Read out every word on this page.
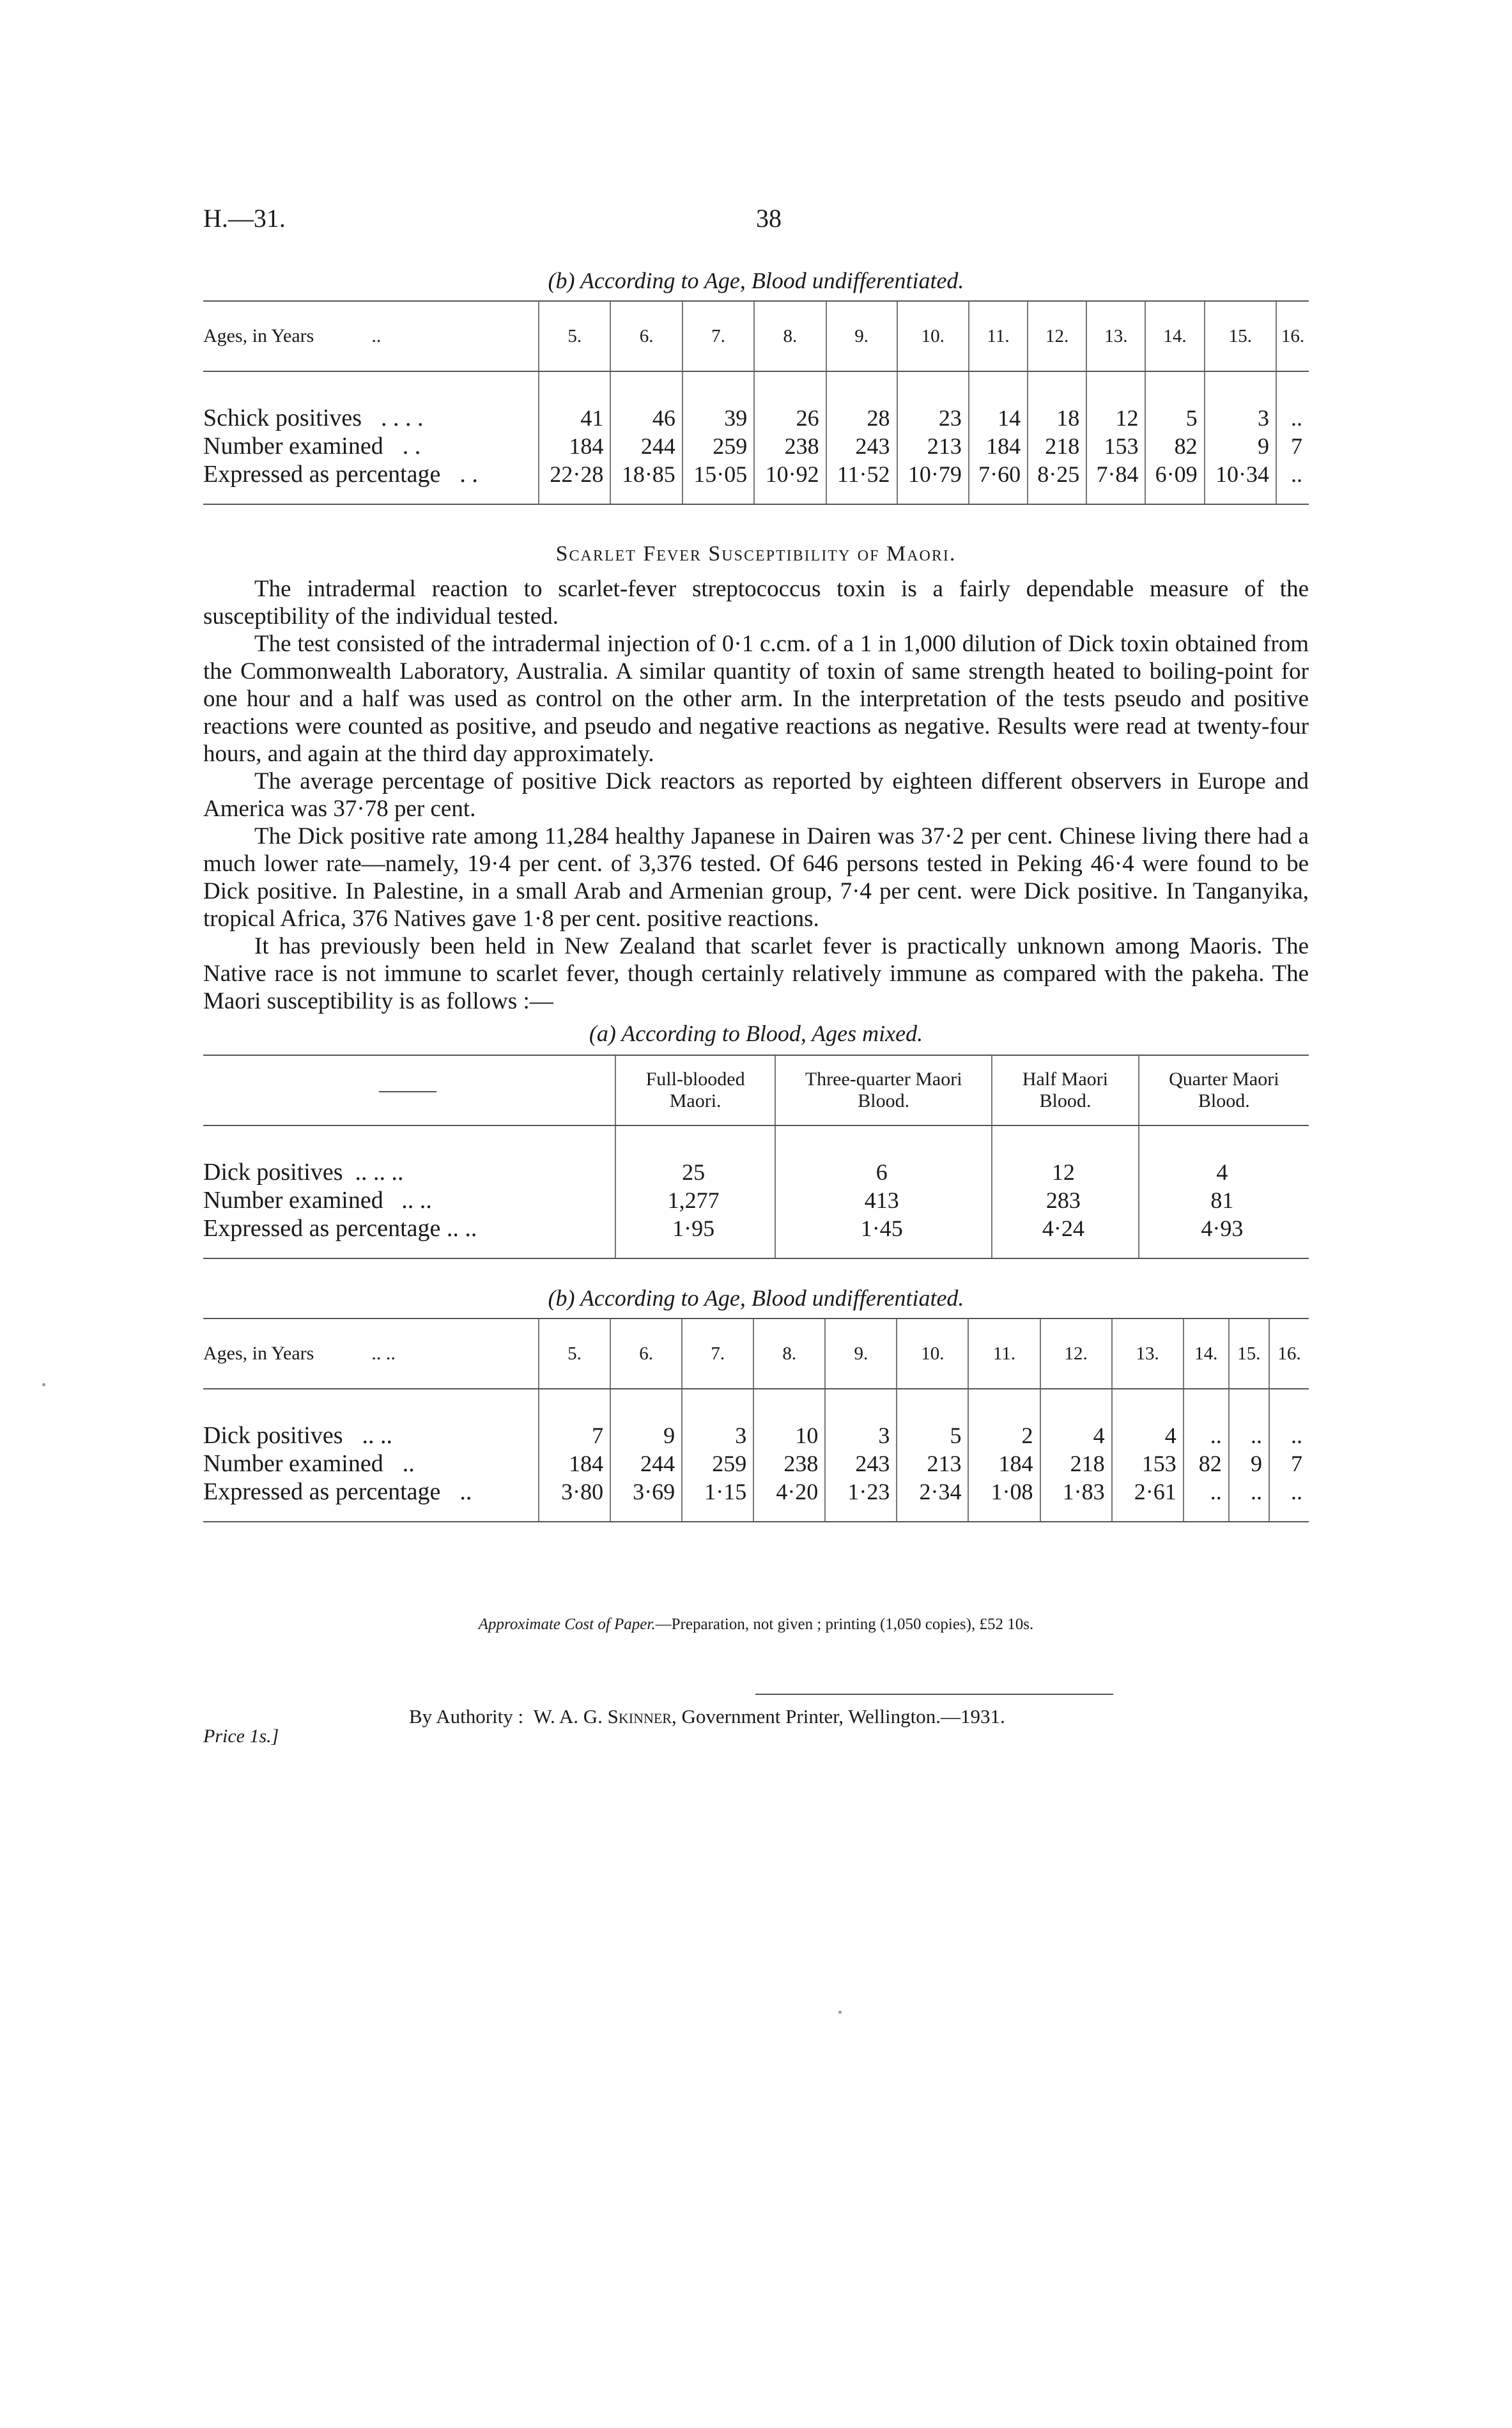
H.—31.	38
(b) According to Age, Blood undifferentiated.
Ages, in Years ..	5.	6.	7.	8.	9.	10.	11.	12.	13.	14.	15.	16.

Schick positives . . . .	41	46	39	26	28	23	14	18	12	5	3	..
Number examined . .	184	244	259	238	243	213	184	218	153	82	9	7
Expressed as percentage . .	22·28	18·85	15·05	10·92	11·52	10·79	7·60	8·25	7·84	6·09	10·34	..

Scarlet Fever Susceptibility of Maori.

The intradermal reaction to scarlet-fever streptococcus toxin is a fairly dependable measure of the susceptibility of the individual tested.

The test consisted of the intradermal injection of 0·1 c.cm. of a 1 in 1,000 dilution of Dick toxin obtained from the Commonwealth Laboratory, Australia. A similar quantity of toxin of same strength heated to boiling-point for one hour and a half was used as control on the other arm. In the interpretation of the tests pseudo and positive reactions were counted as positive, and pseudo and negative reactions as negative. Results were read at twenty-four hours, and again at the third day approximately.

The average percentage of positive Dick reactors as reported by eighteen different observers in Europe and America was 37·78 per cent.

The Dick positive rate among 11,284 healthy Japanese in Dairen was 37·2 per cent. Chinese living there had a much lower rate—namely, 19·4 per cent. of 3,376 tested. Of 646 persons tested in Peking 46·4 were found to be Dick positive. In Palestine, in a small Arab and Armenian group, 7·4 per cent. were Dick positive. In Tanganyika, tropical Africa, 376 Natives gave 1·8 per cent. positive reactions.

It has previously been held in New Zealand that scarlet fever is practically unknown among Maoris. The Native race is not immune to scarlet fever, though certainly relatively immune as compared with the pakeha. The Maori susceptibility is as follows :—

(a) According to Blood, Ages mixed.
———	Full-blooded Maori.	Three-quarter Maori Blood.	Half Maori Blood.	Quarter Maori Blood.

Dick positives .. .. ..	25	6	12	4
Number examined .. ..	1,277	413	283	81
Expressed as percentage .. ..	1·95	1·45	4·24	4·93

(b) According to Age, Blood undifferentiated.
Ages, in Years .. ..	5.	6.	7.	8.	9.	10.	11.	12.	13.	14.	15.	16.

Dick positives .. ..	7	9	3	10	3	5	2	4	4	..	..	..
Number examined ..	184	244	259	238	243	213	184	218	153	82	9	7
Expressed as percentage ..	3·80	3·69	1·15	4·20	1·23	2·34	1·08	1·83	2·61	..	..	..

Approximate Cost of Paper.—Preparation, not given ; printing (1,050 copies), £52 10s.
By Authority : W. A. G. Skinner, Government Printer, Wellington.—1931.
Price 1s.]
